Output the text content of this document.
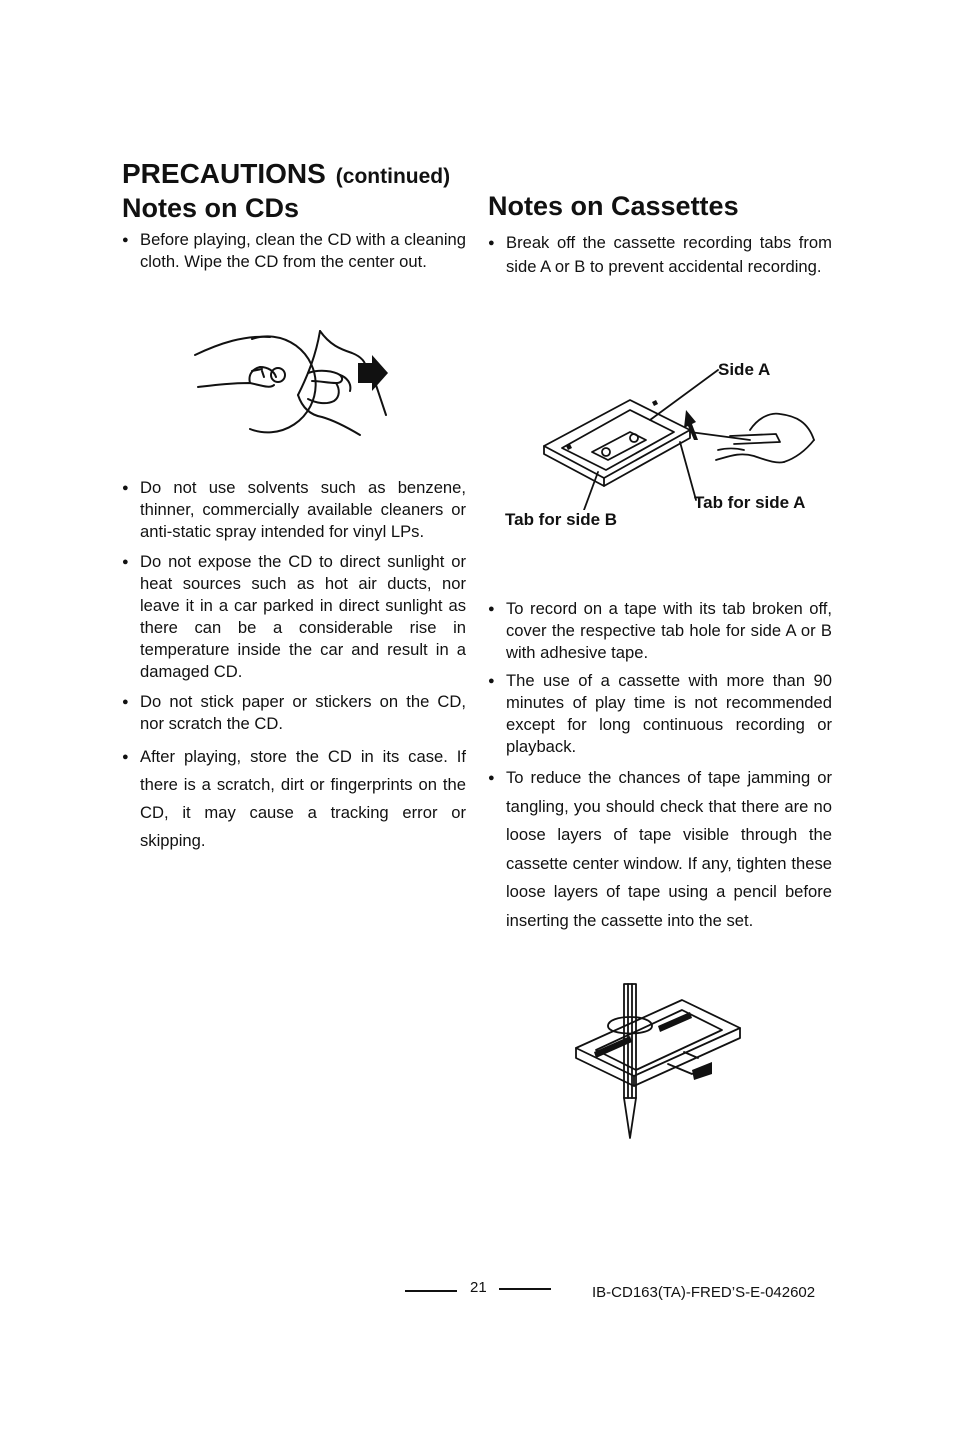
PRECAUTIONS (continued)
Notes on CDs
● Before playing, clean the CD with a cleaning cloth. Wipe the CD from the center out.
● Do not use solvents such as benzene, thinner, commercially available cleaners or anti-static spray intended for vinyl LPs.
● Do not expose the CD to direct sunlight or heat sources such as hot air ducts, nor leave it in a car parked in direct sunlight as there can be a considerable rise in temperature inside the car and result in a damaged CD.
● Do not stick paper or stickers on the CD, nor scratch the CD.
● After playing, store the CD in its case. If there is a scratch, dirt or fingerprints on the CD, it may cause a tracking error or skipping.
Notes on Cassettes
● Break off the cassette recording tabs from side A or B to prevent accidental recording.
Side A
Tab for side A
Tab for side B
● To record on a tape with its tab broken off, cover the respective tab hole for side A or B with adhesive tape.
● The use of a cassette with more than 90 minutes of play time is not recommended except for long continuous recording or playback.
● To reduce the chances of tape jamming or tangling, you should check that there are no loose layers of tape visible through the cassette center window. If any, tighten these loose layers of tape using a pencil before inserting the cassette into the set.
21	IB-CD163(TA)-FRED’S-E-042602
